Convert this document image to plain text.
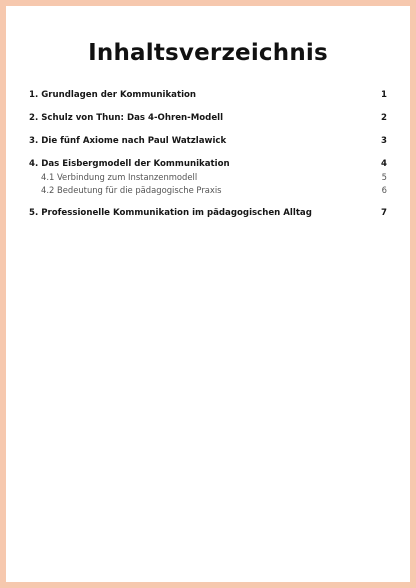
Inhaltsverzeichnis
1. Grundlagen der Kommunikation	1
2. Schulz von Thun: Das 4-Ohren-Modell	2
3. Die fünf Axiome nach Paul Watzlawick	3
4. Das Eisbergmodell der Kommunikation	4
4.1 Verbindung zum Instanzenmodell	5
4.2 Bedeutung für die pädagogische Praxis	6
5. Professionelle Kommunikation im pädagogischen Alltag	7
